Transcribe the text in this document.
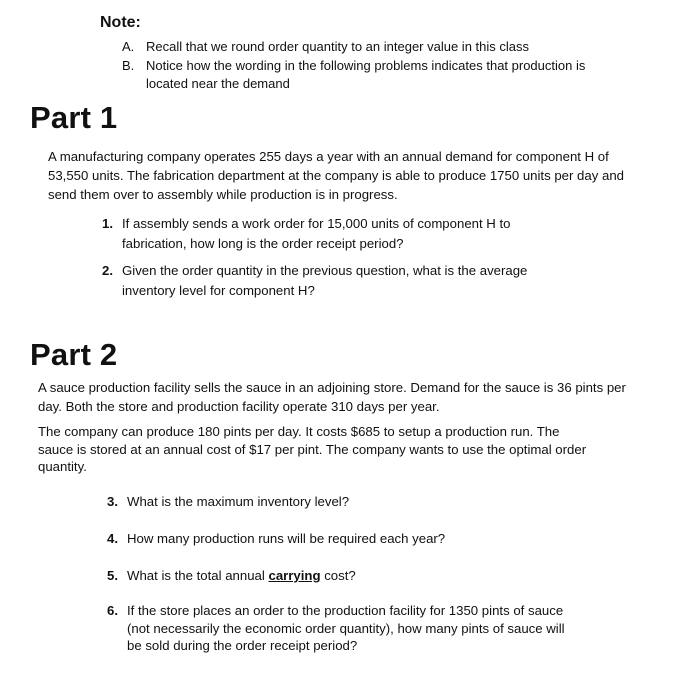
Note:
A. Recall that we round order quantity to an integer value in this class
B. Notice how the wording in the following problems indicates that production is located near the demand
Part 1
A manufacturing company operates 255 days a year with an annual demand for component H of 53,550 units. The fabrication department at the company is able to produce 1750 units per day and send them over to assembly while production is in progress.
1. If assembly sends a work order for 15,000 units of component H to fabrication, how long is the order receipt period?
2. Given the order quantity in the previous question, what is the average inventory level for component H?
Part 2
A sauce production facility sells the sauce in an adjoining store. Demand for the sauce is 36 pints per day. Both the store and production facility operate 310 days per year.
The company can produce 180 pints per day. It costs $685 to setup a production run. The sauce is stored at an annual cost of $17 per pint. The company wants to use the optimal order quantity.
3. What is the maximum inventory level?
4. How many production runs will be required each year?
5. What is the total annual carrying cost?
6. If the store places an order to the production facility for 1350 pints of sauce (not necessarily the economic order quantity), how many pints of sauce will be sold during the order receipt period?
